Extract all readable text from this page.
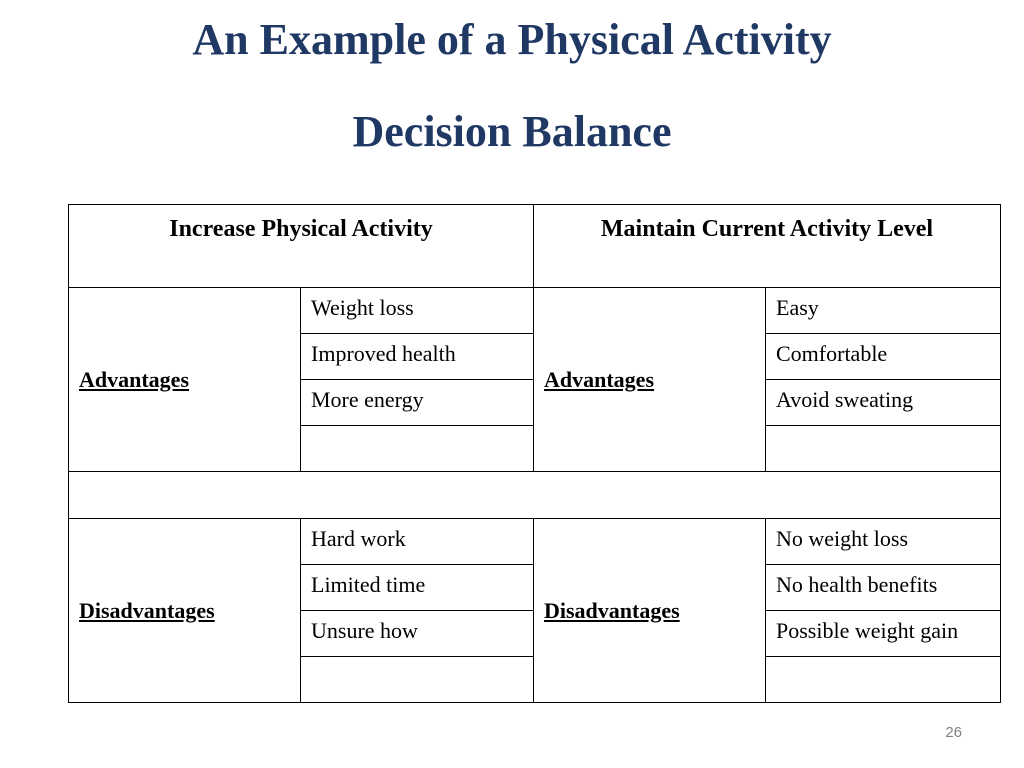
An Example of a Physical Activity
Decision Balance
Increase Physical Activity		Maintain Current Activity Level	
Advantages	Weight loss	Advantages	Easy
	Improved health		Comfortable
	More energy		Avoid sweating

Disadvantages	Hard work	Disadvantages	No weight loss
	Limited time		No health benefits
	Unsure how		Possible weight gain

26
